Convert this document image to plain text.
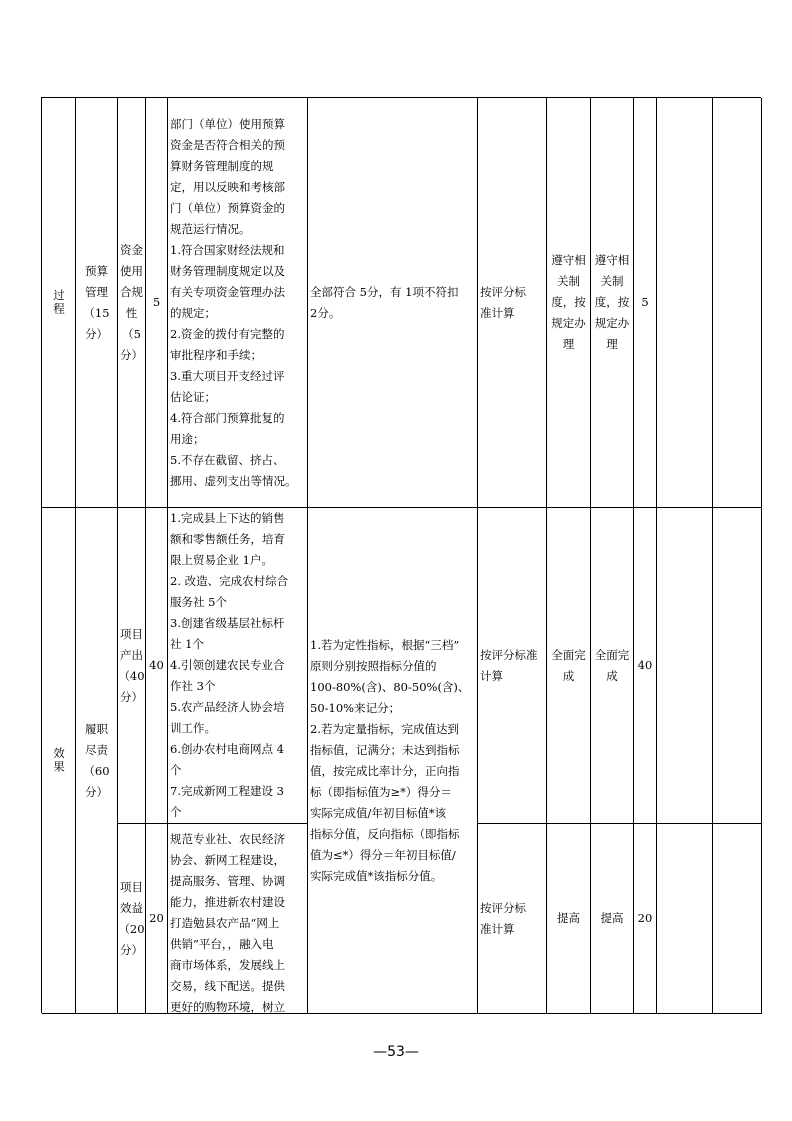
过程
预算
管理
（15
分）
资金
使用
合规
性
（5
分）
5
部门（单位）使用预算
资金是否符合相关的预
算财务管理制度的规
定，用以反映和考核部
门（单位）预算资金的
规范运行情况。
1.符合国家财经法规和
财务管理制度规定以及
有关专项资金管理办法
的规定；
2.资金的拨付有完整的
审批程序和手续；
3.重大项目开支经过评
估论证；
4.符合部门预算批复的
用途；
5.不存在截留、挤占、
挪用、虚列支出等情况。
全部符合 5分，有 1项不符扣
2分。
按评分标
准计算
遵守相
关制
度，按
规定办
理
遵守相
关制
度，按
规定办
理
5
效果
履职
尽责
（60
分）
项目
产出
（40
分）
40
1.完成县上下达的销售
额和零售额任务，培育
限上贸易企业 1户。
2. 改造、完成农村综合
服务社 5个
3.创建省级基层社标杆
社 1个
4.引领创建农民专业合
作社 3个
5.农产品经济人协会培
训工作。
6.创办农村电商网点 4
个
7.完成新网工程建设 3
个
1.若为定性指标，根据“三档”
原则分别按照指标分值的
100-80%(含)、80-50%(含)、
50-10%来记分；
2.若为定量指标，完成值达到
指标值，记满分；未达到指标
值，按完成比率计分，正向指
标（即指标值为≥*）得分＝
实际完成值/年初目标值*该
指标分值，反向指标（即指标
值为≤*）得分＝年初目标值/
实际完成值*该指标分值。
按评分标准
计算
全面完
成
全面完
成
40
项目
效益
（20
分）
20
规范专业社、农民经济
协会、新网工程建设，
提高服务、管理、协调
能力，推进新农村建设
打造勉县农产品“网上
供销”平台，，融入电
商市场体系，发展线上
交易，线下配送。提供
更好的购物环境，树立
按评分标
准计算
提高 提高 20
—53—
